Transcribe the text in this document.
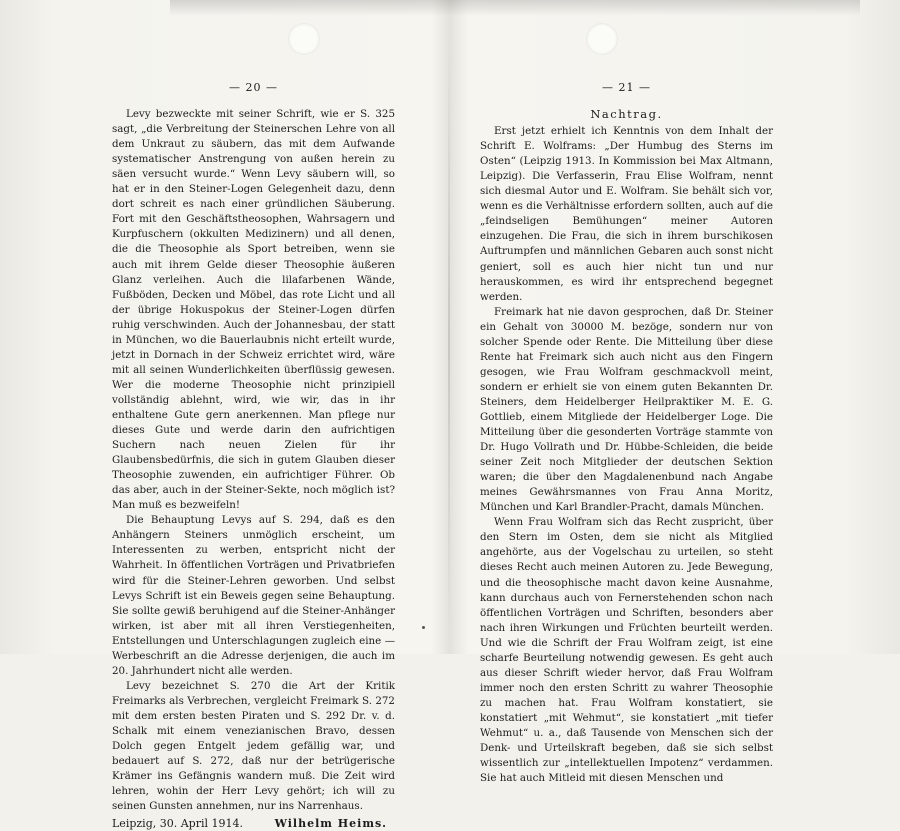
— 20 —

Levy bezweckte mit seiner Schrift, wie er S. 325 sagt, „die Verbreitung der Steinerschen Lehre von all dem Unkraut zu säubern, das mit dem Aufwande systematischer Anstrengung von außen herein zu säen versucht wurde.“ Wenn Levy säubern will, so hat er in den Steiner-Logen Gelegenheit dazu, denn dort schreit es nach einer gründlichen Säuberung. Fort mit den Geschäftstheosophen, Wahrsagern und Kurpfuschern (okkulten Medizinern) und all denen, die die Theosophie als Sport betreiben, wenn sie auch mit ihrem Gelde dieser Theosophie äußeren Glanz verleihen. Auch die lilafarbenen Wände, Fußböden, Decken und Möbel, das rote Licht und all der übrige Hokuspokus der Steiner-Logen dürfen ruhig verschwinden. Auch der Johannesbau, der statt in München, wo die Bauerlaubnis nicht erteilt wurde, jetzt in Dornach in der Schweiz errichtet wird, wäre mit all seinen Wunderlichkeiten überflüssig gewesen. Wer die moderne Theosophie nicht prinzipiell vollständig ablehnt, wird, wie wir, das in ihr enthaltene Gute gern anerkennen. Man pflege nur dieses Gute und werde darin den aufrichtigen Suchern nach neuen Zielen für ihr Glaubensbedürfnis, die sich in gutem Glauben dieser Theosophie zuwenden, ein aufrichtiger Führer. Ob das aber, auch in der Steiner-Sekte, noch möglich ist? Man muß es bezweifeln!

Die Behauptung Levys auf S. 294, daß es den Anhängern Steiners unmöglich erscheint, um Interessenten zu werben, entspricht nicht der Wahrheit. In öffentlichen Vorträgen und Privatbriefen wird für die Steiner-Lehren geworben. Und selbst Levys Schrift ist ein Beweis gegen seine Behauptung. Sie sollte gewiß beruhigend auf die Steiner-Anhänger wirken, ist aber mit all ihren Verstiegenheiten, Entstellungen und Unterschlagungen zugleich eine — Werbeschrift an die Adresse derjenigen, die auch im 20. Jahrhundert nicht alle werden.

Levy bezeichnet S. 270 die Art der Kritik Freimarks als Verbrechen, vergleicht Freimark S. 272 mit dem ersten besten Piraten und S. 292 Dr. v. d. Schalk mit einem venezianischen Bravo, dessen Dolch gegen Entgelt jedem gefällig war, und bedauert auf S. 272, daß nur der betrügerische Krämer ins Gefängnis wandern muß. Die Zeit wird lehren, wohin der Herr Levy gehört; ich will zu seinen Gunsten annehmen, nur ins Narrenhaus.

Leipzig, 30. April 1914.	Wilhelm Heims.
— 21 —
Nachtrag.

Erst jetzt erhielt ich Kenntnis von dem Inhalt der Schrift E. Wolframs: „Der Humbug des Sterns im Osten“ (Leipzig 1913. In Kommission bei Max Altmann, Leipzig). Die Verfasserin, Frau Elise Wolfram, nennt sich diesmal Autor und E. Wolfram. Sie behält sich vor, wenn es die Verhältnisse erfordern sollten, auch auf die „feindseligen Bemühungen“ meiner Autoren einzugehen. Die Frau, die sich in ihrem burschikosen Auftrumpfen und männlichen Gebaren auch sonst nicht geniert, soll es auch hier nicht tun und nur herauskommen, es wird ihr entsprechend begegnet werden.

Freimark hat nie davon gesprochen, daß Dr. Steiner ein Gehalt von 30000 M. bezöge, sondern nur von solcher Spende oder Rente. Die Mitteilung über diese Rente hat Freimark sich auch nicht aus den Fingern gesogen, wie Frau Wolfram geschmackvoll meint, sondern er erhielt sie von einem guten Bekannten Dr. Steiners, dem Heidelberger Heilpraktiker M. E. G. Gottlieb, einem Mitgliede der Heidelberger Loge. Die Mitteilung über die gesonderten Vorträge stammte von Dr. Hugo Vollrath und Dr. Hübbe-Schleiden, die beide seiner Zeit noch Mitglieder der deutschen Sektion waren; die über den Magdalenenbund nach Angabe meines Gewährsmannes von Frau Anna Moritz, München und Karl Brandler-Pracht, damals München.

Wenn Frau Wolfram sich das Recht zuspricht, über den Stern im Osten, dem sie nicht als Mitglied angehörte, aus der Vogelschau zu urteilen, so steht dieses Recht auch meinen Autoren zu. Jede Bewegung, und die theosophische macht davon keine Ausnahme, kann durchaus auch von Fernerstehenden schon nach öffentlichen Vorträgen und Schriften, besonders aber nach ihren Wirkungen und Früchten beurteilt werden. Und wie die Schrift der Frau Wolfram zeigt, ist eine scharfe Beurteilung notwendig gewesen. Es geht auch aus dieser Schrift wieder hervor, daß Frau Wolfram immer noch den ersten Schritt zu wahrer Theosophie zu machen hat. Frau Wolfram konstatiert, sie konstatiert „mit Wehmut“, sie konstatiert „mit tiefer Wehmut“ u. a., daß Tausende von Menschen sich der Denk- und Urteilskraft begeben, daß sie sich selbst wissentlich zur „intellektuellen Impotenz“ verdammen. Sie hat auch Mitleid mit diesen Menschen und
